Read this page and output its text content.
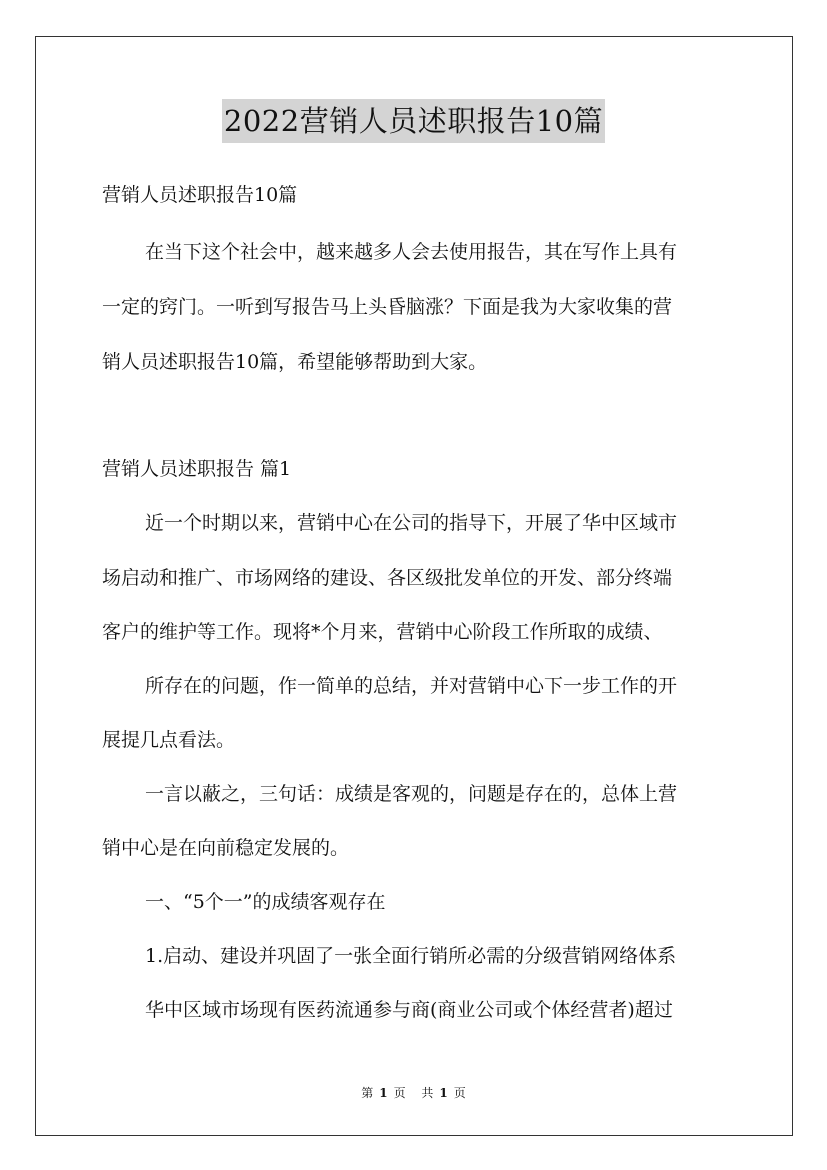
2022营销人员述职报告10篇
营销人员述职报告10篇
在当下这个社会中，越来越多人会去使用报告，其在写作上具有
一定的窍门。一听到写报告马上头昏脑涨？下面是我为大家收集的营
销人员述职报告10篇，希望能够帮助到大家。
营销人员述职报告 篇1
近一个时期以来，营销中心在公司的指导下，开展了华中区域市
场启动和推广、市场网络的建设、各区级批发单位的开发、部分终端
客户的维护等工作。现将*个月来，营销中心阶段工作所取的成绩、
所存在的问题，作一简单的总结，并对营销中心下一步工作的开
展提几点看法。
一言以蔽之，三句话：成绩是客观的，问题是存在的，总体上营
销中心是在向前稳定发展的。
一、“5个一”的成绩客观存在
1.启动、建设并巩固了一张全面行销所必需的分级营销网络体系
华中区域市场现有医药流通参与商(商业公司或个体经营者)超过
第 1 页 共 1 页
